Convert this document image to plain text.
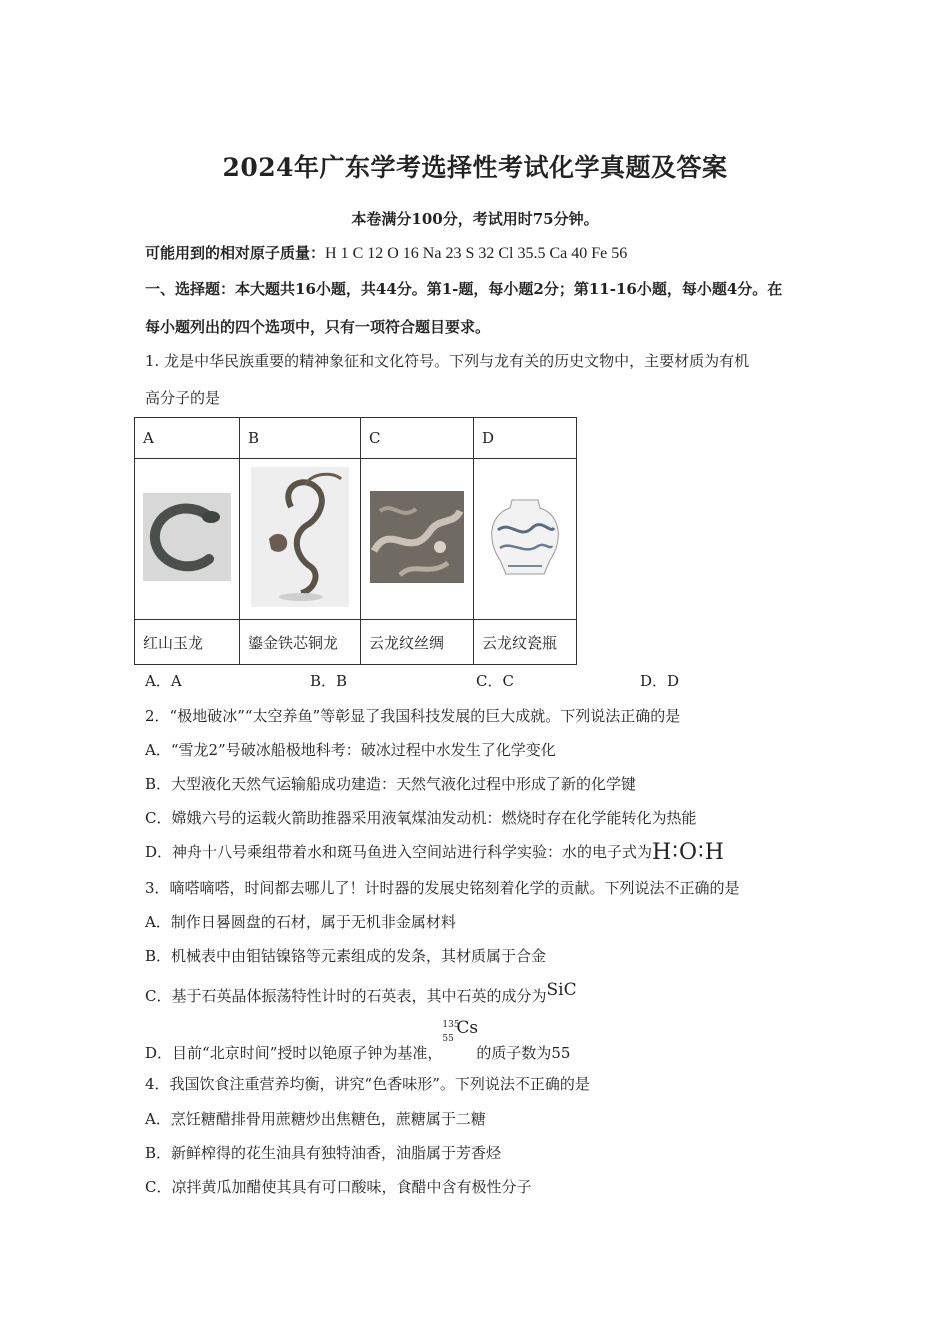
2024年广东学考选择性考试化学真题及答案
本卷满分100分，考试用时75分钟。
可能用到的相对原子质量：H 1 C 12 O 16 Na 23 S 32 Cl 35.5 Ca 40 Fe 56
一、选择题：本大题共16小题，共44分。第1-题，每小题2分；第11-16小题，每小题4分。在
每小题列出的四个选项中，只有一项符合题目要求。
1. 龙是中华民族重要的精神象征和文化符号。下列与龙有关的历史文物中，主要材质为有机
高分子的是
A	B	C	D

红山玉龙	鎏金铁芯铜龙	云龙纹丝绸	云龙纹瓷瓶
A．A	B．B	C．C	D．D
2．“极地破冰”“太空养鱼”等彰显了我国科技发展的巨大成就。下列说法正确的是
A．“雪龙2”号破冰船极地科考：破冰过程中水发生了化学变化
B．大型液化天然气运输船成功建造：天然气液化过程中形成了新的化学键
C．嫦娥六号的运载火箭助推器采用液氧煤油发动机：燃烧时存在化学能转化为热能
D．神舟十八号乘组带着水和斑马鱼进入空间站进行科学实验：水的电子式为H∶O∶H
3．嘀嗒嘀嗒，时间都去哪儿了！计时器的发展史铭刻着化学的贡献。下列说法不正确的是
A．制作日晷圆盘的石材，属于无机非金属材料
B．机械表中由钼钴镍铬等元素组成的发条，其材质属于合金
C．基于石英晶体振荡特性计时的石英表，其中石英的成分为SiC
D．目前“北京时间”授时以铯原子钟为基准，
135
55
Cs
的质子数为55
4．我国饮食注重营养均衡，讲究“色香味形”。下列说法不正确的是
A．烹饪糖醋排骨用蔗糖炒出焦糖色，蔗糖属于二糖
B．新鲜榨得的花生油具有独特油香，油脂属于芳香烃
C．凉拌黄瓜加醋使其具有可口酸味，食醋中含有极性分子
